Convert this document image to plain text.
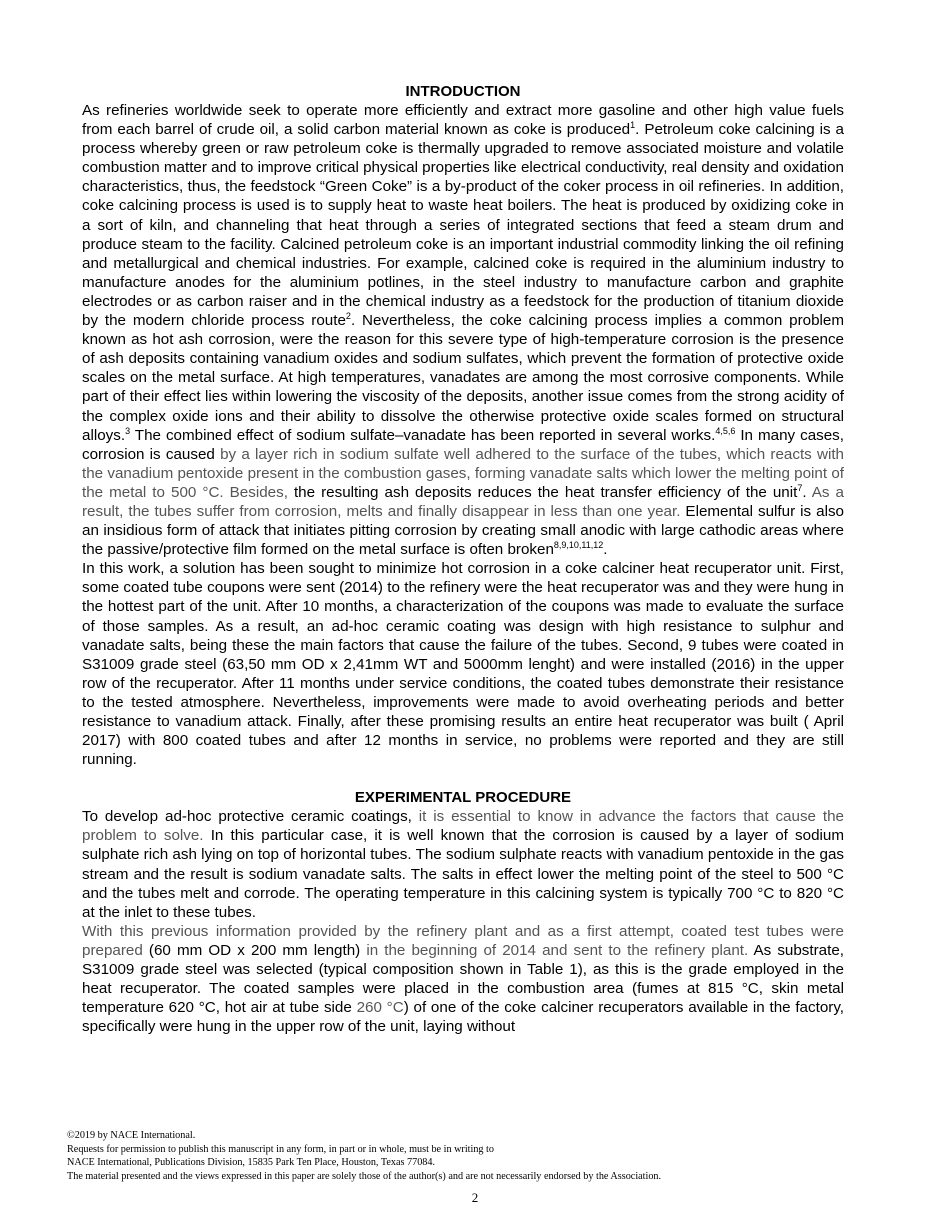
INTRODUCTION

As refineries worldwide seek to operate more efficiently and extract more gasoline and other high value fuels from each barrel of crude oil, a solid carbon material known as coke is produced$^1$. Petroleum coke calcining is a process whereby green or raw petroleum coke is thermally upgraded to remove associated moisture and volatile combustion matter and to improve critical physical properties like electrical conductivity, real density and oxidation characteristics, thus, the feedstock “Green Coke” is a by-product of the coker process in oil refineries. In addition, coke calcining process is used is to supply heat to waste heat boilers. The heat is produced by oxidizing coke in a sort of kiln, and channeling that heat through a series of integrated sections that feed a steam drum and produce steam to the facility. Calcined petroleum coke is an important industrial commodity linking the oil refining and metallurgical and chemical industries. For example, calcined coke is required in the aluminium industry to manufacture anodes for the aluminium potlines, in the steel industry to manufacture carbon and graphite electrodes or as carbon raiser and in the chemical industry as a feedstock for the production of titanium dioxide by the modern chloride process route$^2$. Nevertheless, the coke calcining process implies a common problem known as hot ash corrosion, were the reason for this severe type of high-temperature corrosion is the presence of ash deposits containing vanadium oxides and sodium sulfates, which prevent the formation of protective oxide scales on the metal surface. At high temperatures, vanadates are among the most corrosive components. While part of their effect lies within lowering the viscosity of the deposits, another issue comes from the strong acidity of the complex oxide ions and their ability to dissolve the otherwise protective oxide scales formed on structural alloys.$^3$ The combined effect of sodium sulfate–vanadate has been reported in several works.$^{4,5,6}$ In many cases, corrosion is caused by a layer rich in sodium sulfate well adhered to the surface of the tubes, which reacts with the vanadium pentoxide present in the combustion gases, forming vanadate salts which lower the melting point of the metal to 500 °C. Besides, the resulting ash deposits reduces the heat transfer efficiency of the unit$^7$. As a result, the tubes suffer from corrosion, melts and finally disappear in less than one year. Elemental sulfur is also an insidious form of attack that initiates pitting corrosion by creating small anodic with large cathodic areas where the passive/protective film formed on the metal surface is often broken$^{8,9,10,11,12}$.

In this work, a solution has been sought to minimize hot corrosion in a coke calciner heat recuperator unit. First, some coated tube coupons were sent (2014) to the refinery were the heat recuperator was and they were hung in the hottest part of the unit. After 10 months, a characterization of the coupons was made to evaluate the surface of those samples. As a result, an ad-hoc ceramic coating was design with high resistance to sulphur and vanadate salts, being these the main factors that cause the failure of the tubes. Second, 9 tubes were coated in S31009 grade steel (63,50 mm OD x 2,41mm WT and 5000mm lenght) and were installed (2016) in the upper row of the recuperator. After 11 months under service conditions, the coated tubes demonstrate their resistance to the tested atmosphere. Nevertheless, improvements were made to avoid overheating periods and better resistance to vanadium attack. Finally, after these promising results an entire heat recuperator was built ( April 2017) with 800 coated tubes and after 12 months in service, no problems were reported and they are still running.

EXPERIMENTAL PROCEDURE

To develop ad-hoc protective ceramic coatings, it is essential to know in advance the factors that cause the problem to solve. In this particular case, it is well known that the corrosion is caused by a layer of sodium sulphate rich ash lying on top of horizontal tubes. The sodium sulphate reacts with vanadium pentoxide in the gas stream and the result is sodium vanadate salts. The salts in effect lower the melting point of the steel to 500 °C and the tubes melt and corrode. The operating temperature in this calcining system is typically 700 °C to 820 °C at the inlet to these tubes.

With this previous information provided by the refinery plant and as a first attempt, coated test tubes were prepared (60 mm OD x 200 mm length) in the beginning of 2014 and sent to the refinery plant. As substrate, S31009 grade steel was selected (typical composition shown in Table 1), as this is the grade employed in the heat recuperator. The coated samples were placed in the combustion area (fumes at 815 °C, skin metal temperature 620 °C, hot air at tube side 260 °C) of one of the coke calciner recuperators available in the factory, specifically were hung in the upper row of the unit, laying without

©2019 by NACE International.
Requests for permission to publish this manuscript in any form, in part or in whole, must be in writing to
NACE International, Publications Division, 15835 Park Ten Place, Houston, Texas 77084.
The material presented and the views expressed in this paper are solely those of the author(s) and are not necessarily endorsed by the Association.
2
